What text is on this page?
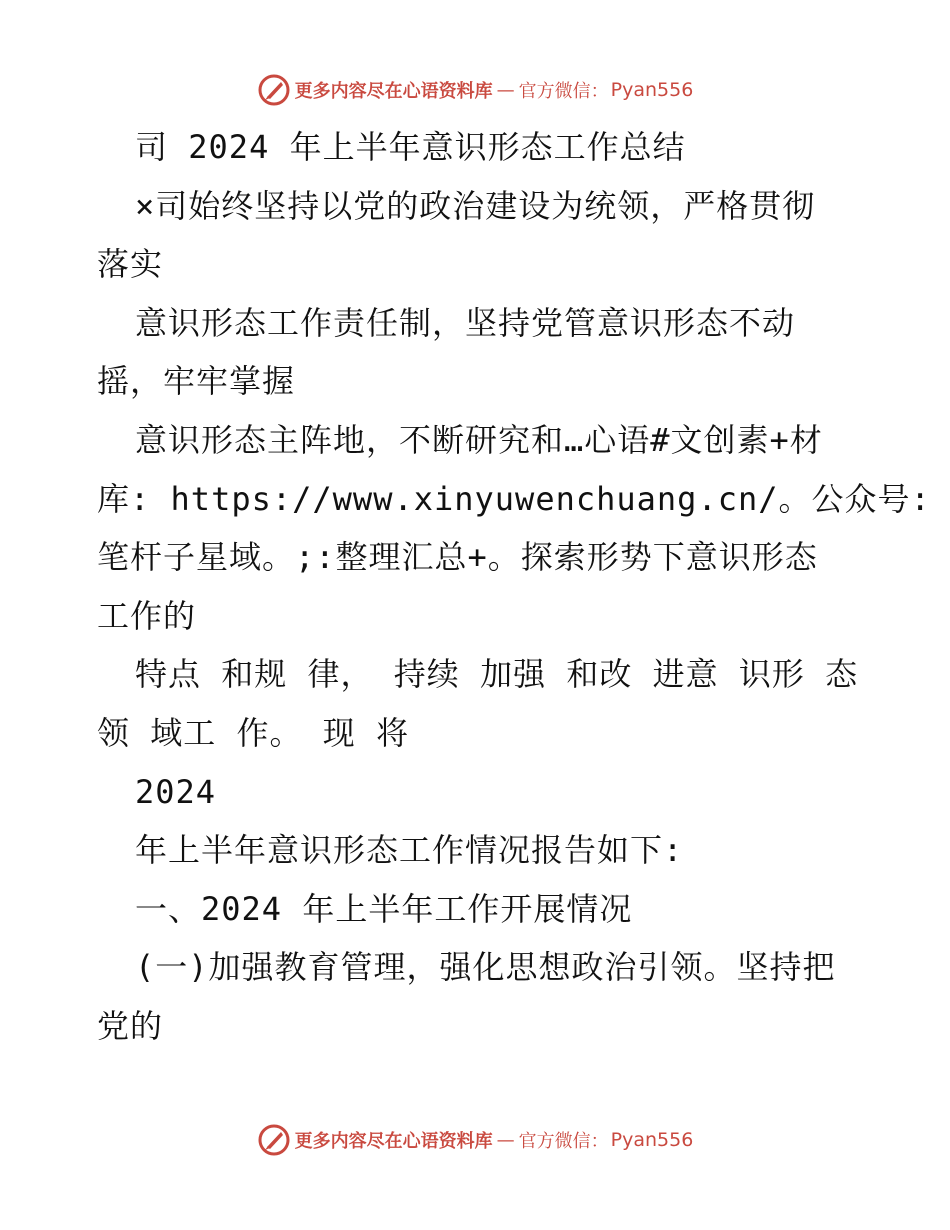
更多内容尽在心语资料库 — 官方微信： Pyan556

司 2024 年上半年意识形态工作总结

×司始终坚持以党的政治建设为统领，严格贯彻

落实

意识形态工作责任制，坚持党管意识形态不动

摇，牢牢掌握

意识形态主阵地，不断研究和…心语#文创素+材

库: https://www.xinyuwenchuang.cn/。公众号:

笔杆子星域。;:整理汇总+。探索形势下意识形态

工作的

特点 和规 律， 持续 加强 和改 进意 识形 态

领 域工 作。 现 将

2024

年上半年意识形态工作情况报告如下:

一、2024 年上半年工作开展情况

(一)加强教育管理，强化思想政治引领。坚持把

党的

更多内容尽在心语资料库 — 官方微信： Pyan556
